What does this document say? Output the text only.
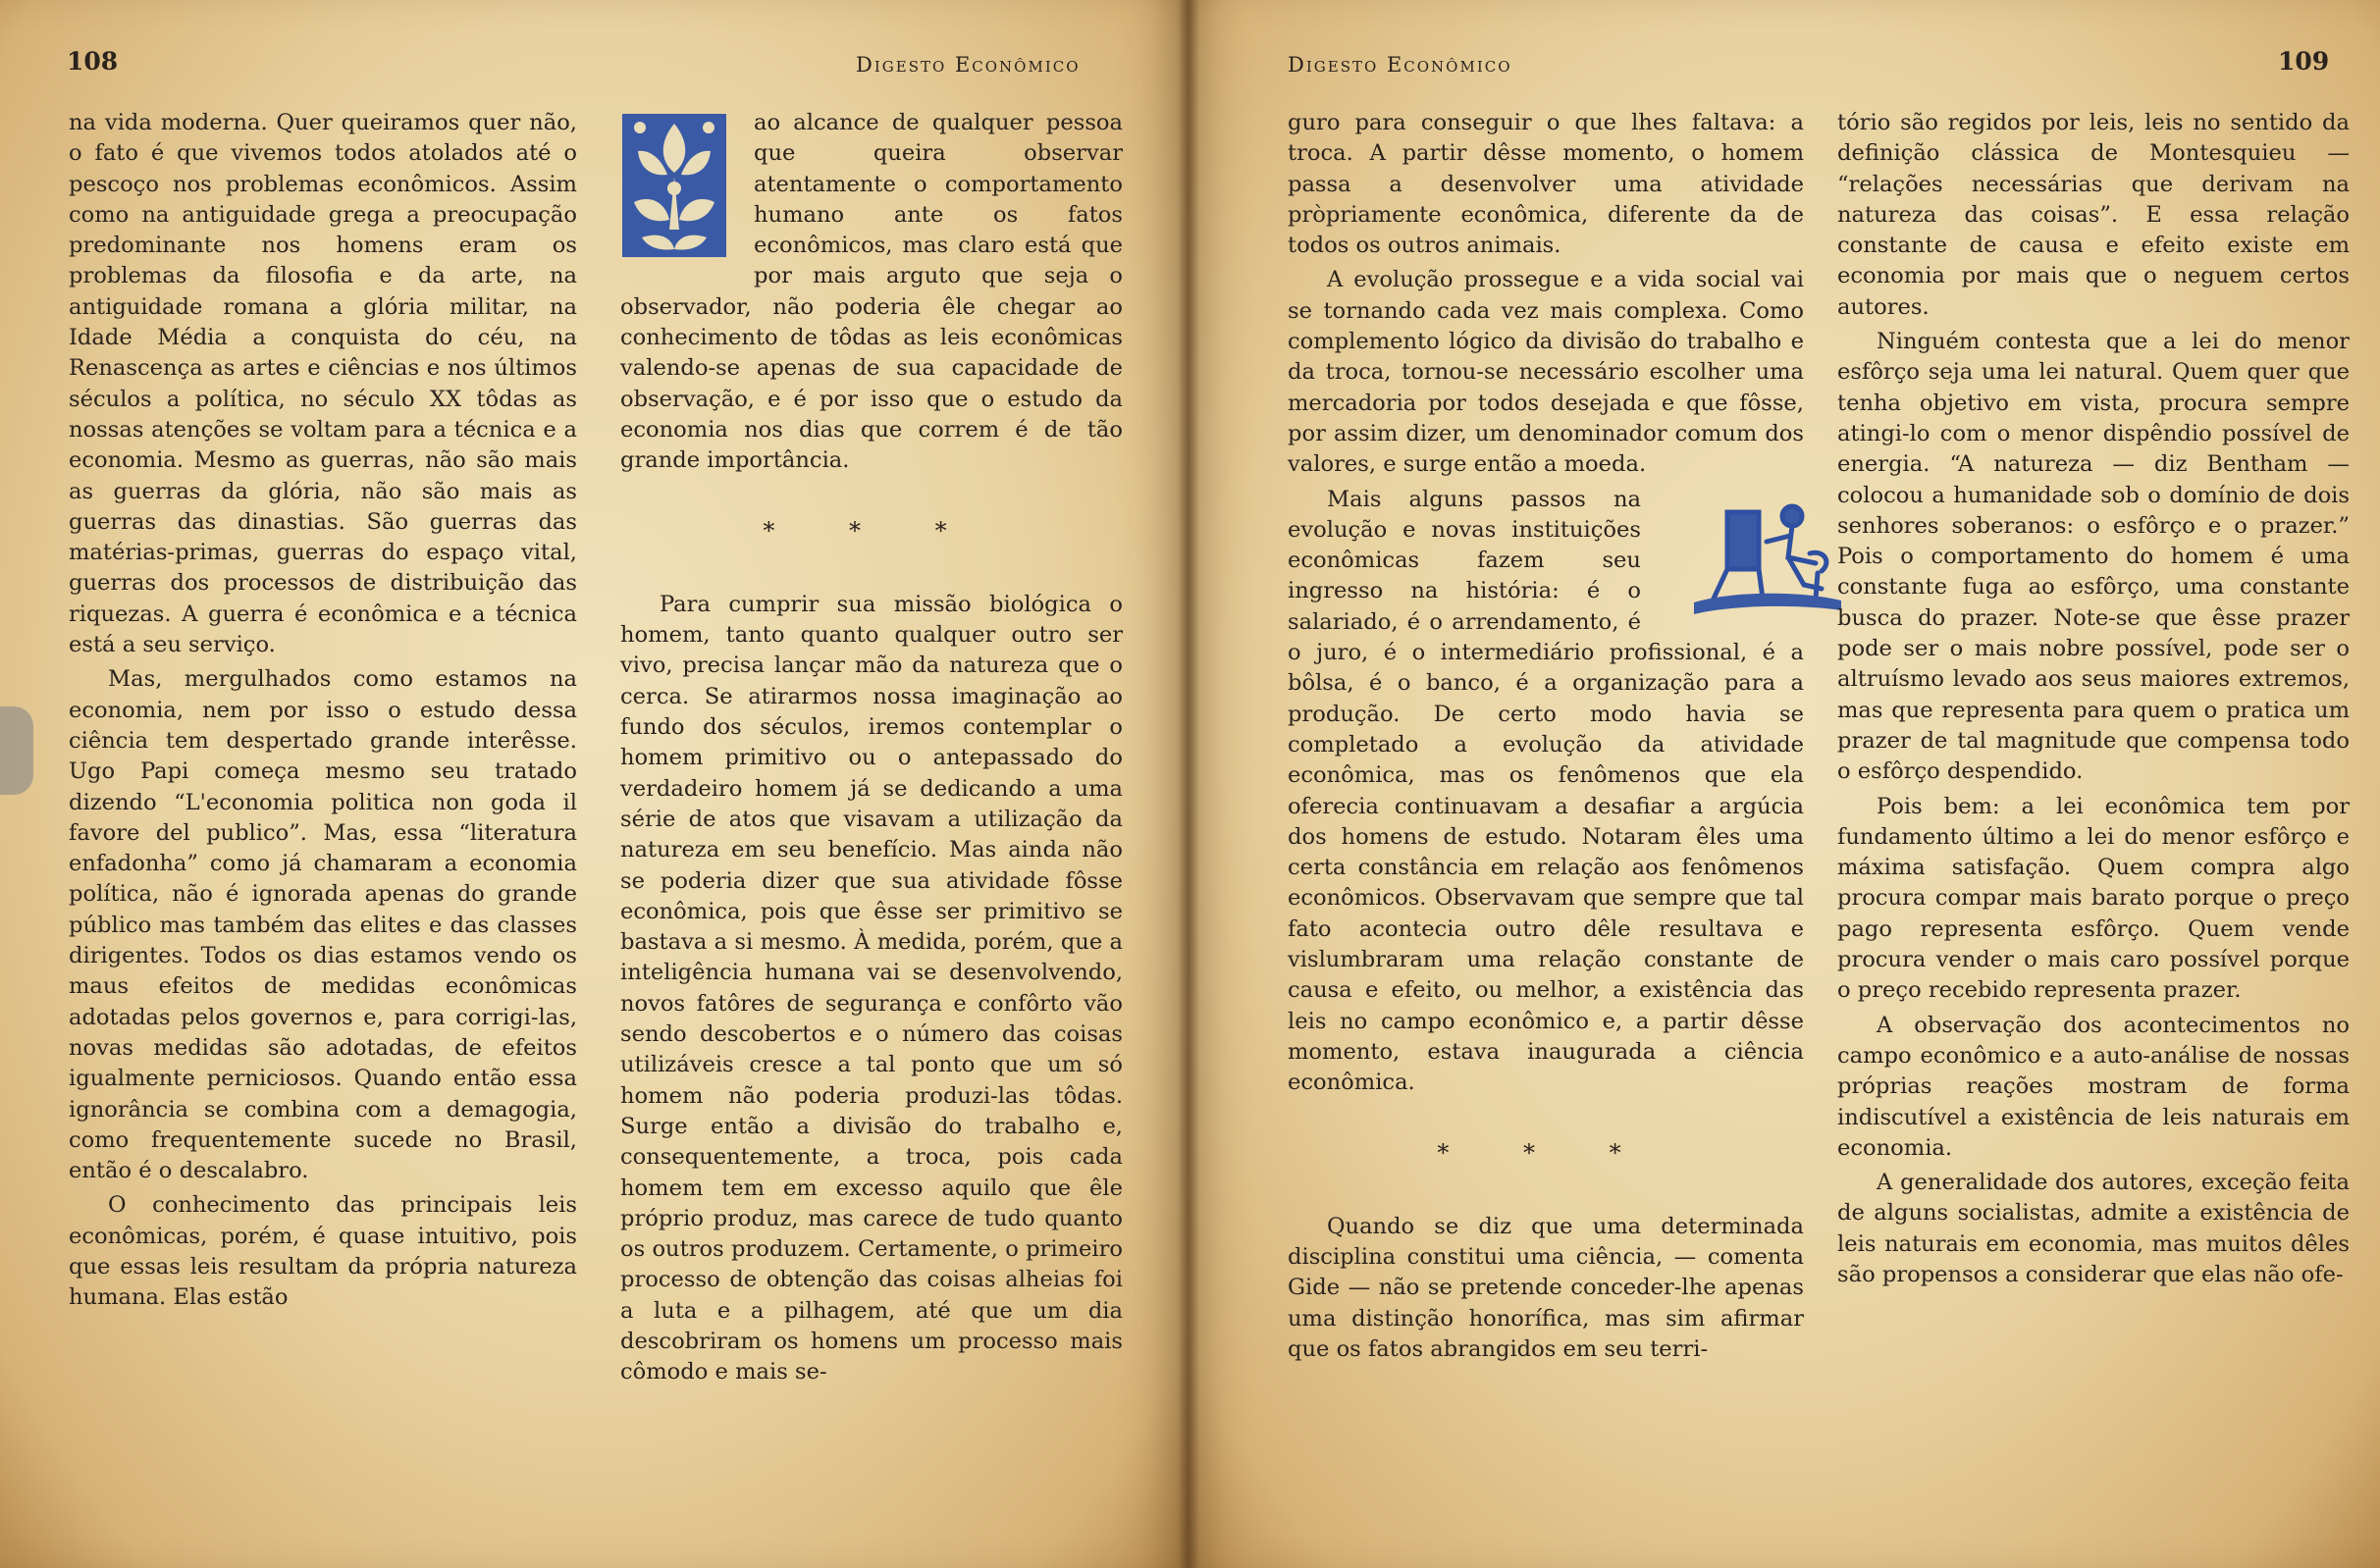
108	Digesto Econômico

na vida moderna. Quer queiramos quer não, o fato é que vivemos todos atolados até o pescoço nos problemas econômicos. Assim como na antiguidade grega a preocupação predominante nos homens eram os problemas da filosofia e da arte, na antiguidade romana a glória militar, na Idade Média a conquista do céu, na Renascença as artes e ciências e nos últimos séculos a política, no século XX tôdas as nossas atenções se voltam para a técnica e a economia. Mesmo as guerras, não são mais as guerras da glória, não são mais as guerras das dinastias. São guerras das matérias-primas, guerras do espaço vital, guerras dos processos de distribuição das riquezas. A guerra é econômica e a técnica está a seu serviço.

Mas, mergulhados como estamos na economia, nem por isso o estudo dessa ciência tem despertado grande interêsse. Ugo Papi começa mesmo seu tratado dizendo “L'economia politica non goda il favore del publico”. Mas, essa “literatura enfadonha” como já chamaram a economia política, não é ignorada apenas do grande público mas também das elites e das classes dirigentes. Todos os dias estamos vendo os maus efeitos de medidas econômicas adotadas pelos governos e, para corrigi-las, novas medidas são adotadas, de efeitos igualmente perniciosos. Quando então essa ignorância se combina com a demagogia, como frequentemente sucede no Brasil, então é o descalabro.

O conhecimento das principais leis econômicas, porém, é quase intuitivo, pois que essas leis resultam da própria natureza humana. Elas estão

ao alcance de qualquer pessoa que queira observar atentamente o comportamento humano ante os fatos econômicos, mas claro está que por mais arguto que seja o observador, não poderia êle chegar ao conhecimento de tôdas as leis econômicas valendo-se apenas de sua capacidade de observação, e é por isso que o estudo da economia nos dias que correm é de tão grande importância.

* * *

Para cumprir sua missão biológica o homem, tanto quanto qualquer outro ser vivo, precisa lançar mão da natureza que o cerca. Se atirarmos nossa imaginação ao fundo dos séculos, iremos contemplar o homem primitivo ou o antepassado do verdadeiro homem já se dedicando a uma série de atos que visavam a utilização da natureza em seu benefício. Mas ainda não se poderia dizer que sua atividade fôsse econômica, pois que êsse ser primitivo se bastava a si mesmo. À medida, porém, que a inteligência humana vai se desenvolvendo, novos fatôres de segurança e confôrto vão sendo descobertos e o número das coisas utilizáveis cresce a tal ponto que um só homem não poderia produzi-las tôdas. Surge então a divisão do trabalho e, consequentemente, a troca, pois cada homem tem em excesso aquilo que êle próprio produz, mas carece de tudo quanto os outros produzem. Certamente, o primeiro processo de obtenção das coisas alheias foi a luta e a pilhagem, até que um dia descobriram os homens um processo mais cômodo e mais se-

Digesto Econômico	109

guro para conseguir o que lhes faltava: a troca. A partir dêsse momento, o homem passa a desenvolver uma atividade pròpriamente econômica, diferente da de todos os outros animais.

A evolução prossegue e a vida social vai se tornando cada vez mais complexa. Como complemento lógico da divisão do trabalho e da troca, tornou-se necessário escolher uma mercadoria por todos desejada e que fôsse, por assim dizer, um denominador comum dos valores, e surge então a moeda.

Mais alguns passos na evolução e novas instituições econômicas fazem seu ingresso na história: é o salariado, é o arrendamento, é o juro, é o intermediário profissional, é a bôlsa, é o banco, é a organização para a produção. De certo modo havia se completado a evolução da atividade econômica, mas os fenômenos que ela oferecia continuavam a desafiar a argúcia dos homens de estudo. Notaram êles uma certa constância em relação aos fenômenos econômicos. Observavam que sempre que tal fato acontecia outro dêle resultava e vislumbraram uma relação constante de causa e efeito, ou melhor, a existência das leis no campo econômico e, a partir dêsse momento, estava inaugurada a ciência econômica.

* * *

Quando se diz que uma determinada disciplina constitui uma ciência, — comenta Gide — não se pretende conceder-lhe apenas uma distinção honorífica, mas sim afirmar que os fatos abrangidos em seu terri-

tório são regidos por leis, leis no sentido da definição clássica de Montesquieu — “relações necessárias que derivam na natureza das coisas”. E essa relação constante de causa e efeito existe em economia por mais que o neguem certos autores.

Ninguém contesta que a lei do menor esfôrço seja uma lei natural. Quem quer que tenha objetivo em vista, procura sempre atingi-lo com o menor dispêndio possível de energia. “A natureza — diz Bentham — colocou a humanidade sob o domínio de dois senhores soberanos: o esfôrço e o prazer.” Pois o comportamento do homem é uma constante fuga ao esfôrço, uma constante busca do prazer. Note-se que êsse prazer pode ser o mais nobre possível, pode ser o altruísmo levado aos seus maiores extremos, mas que representa para quem o pratica um prazer de tal magnitude que compensa todo o esfôrço despendido.

Pois bem: a lei econômica tem por fundamento último a lei do menor esfôrço e máxima satisfação. Quem compra algo procura compar mais barato porque o preço pago representa esfôrço. Quem vende procura vender o mais caro possível porque o preço recebido representa prazer.

A observação dos acontecimentos no campo econômico e a auto-análise de nossas próprias reações mostram de forma indiscutível a existência de leis naturais em economia.

A generalidade dos autores, exceção feita de alguns socialistas, admite a existência de leis naturais em economia, mas muitos dêles são propensos a considerar que elas não ofe-
